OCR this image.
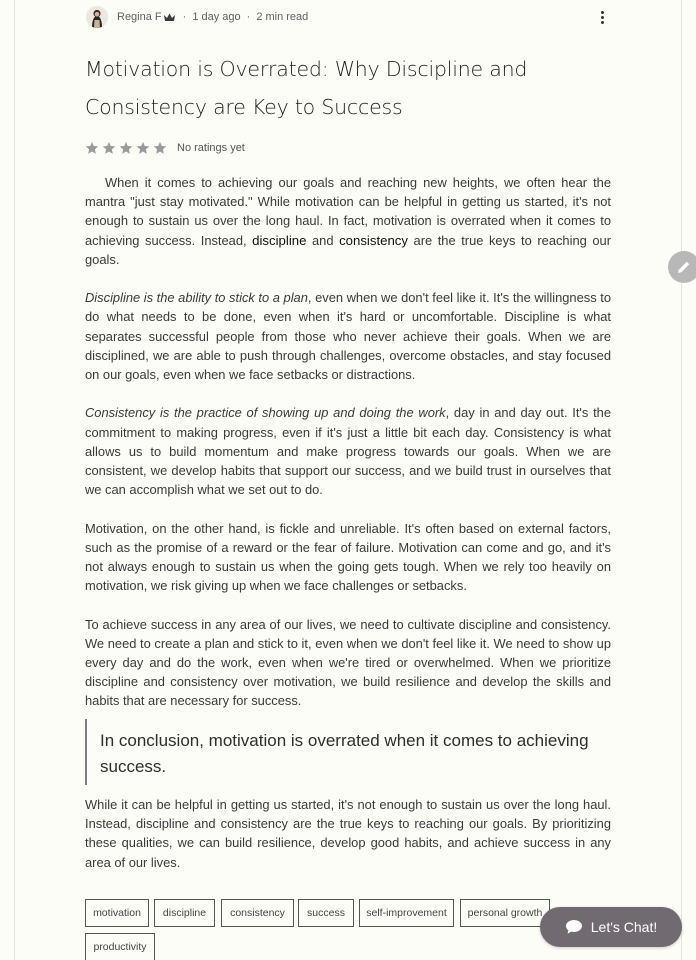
Regina F · 1 day ago · 2 min read
Motivation is Overrated: Why Discipline and Consistency are Key to Success
No ratings yet

When it comes to achieving our goals and reaching new heights, we often hear the mantra "just stay motivated." While motivation can be helpful in getting us started, it's not enough to sustain us over the long haul. In fact, motivation is overrated when it comes to achieving success. Instead, discipline and consistency are the true keys to reaching our goals.

Discipline is the ability to stick to a plan, even when we don't feel like it. It's the willingness to do what needs to be done, even when it's hard or uncomfortable. Discipline is what separates successful people from those who never achieve their goals. When we are disciplined, we are able to push through challenges, overcome obstacles, and stay focused on our goals, even when we face setbacks or distractions.

Consistency is the practice of showing up and doing the work, day in and day out. It's the commitment to making progress, even if it's just a little bit each day. Consistency is what allows us to build momentum and make progress towards our goals. When we are consistent, we develop habits that support our success, and we build trust in ourselves that we can accomplish what we set out to do.

Motivation, on the other hand, is fickle and unreliable. It's often based on external factors, such as the promise of a reward or the fear of failure. Motivation can come and go, and it's not always enough to sustain us when the going gets tough. When we rely too heavily on motivation, we risk giving up when we face challenges or setbacks.

To achieve success in any area of our lives, we need to cultivate discipline and consistency. We need to create a plan and stick to it, even when we don't feel like it. We need to show up every day and do the work, even when we're tired or overwhelmed. When we prioritize discipline and consistency over motivation, we build resilience and develop the skills and habits that are necessary for success.

In conclusion, motivation is overrated when it comes to achieving success.
While it can be helpful in getting us started, it's not enough to sustain us over the long haul. Instead, discipline and consistency are the true keys to reaching our goals. By prioritizing these qualities, we can build resilience, develop good habits, and achieve success in any area of our lives.
motivation	discipline	consistency	success	self-improvement	personal growth
productivity
Let's Chat!
